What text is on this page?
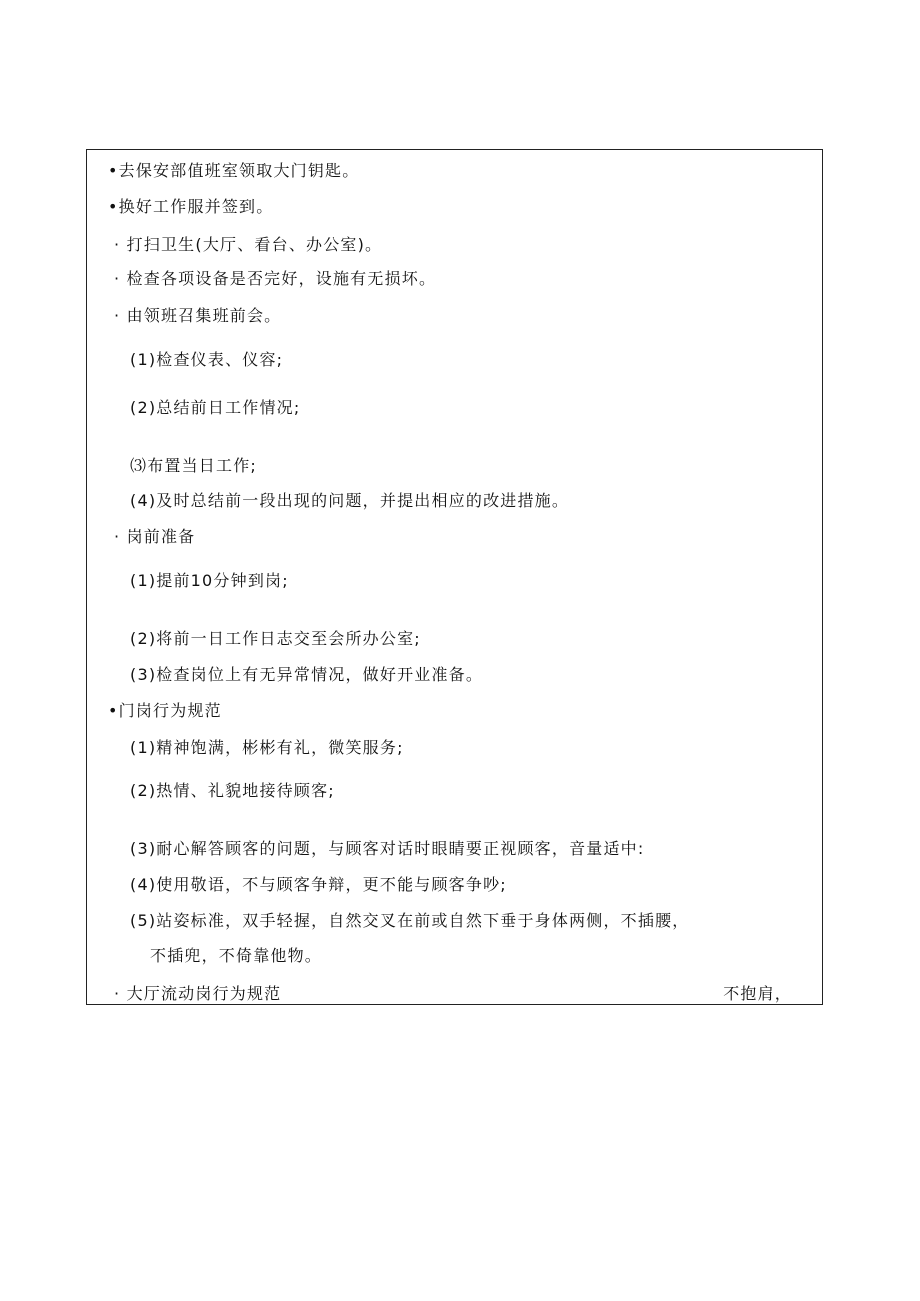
•去保安部值班室领取大门钥匙。
•换好工作服并签到。
· 打扫卫生(大厅、看台、办公室)。
· 检查各项设备是否完好，设施有无损坏。
· 由领班召集班前会。
(1)检查仪表、仪容;
(2)总结前日工作情况;
⑶布置当日工作;
(4)及时总结前一段出现的问题，并提出相应的改进措施。
· 岗前准备
(1)提前10分钟到岗;
(2)将前一日工作日志交至会所办公室;
(3)检查岗位上有无异常情况，做好开业准备。
•门岗行为规范
(1)精神饱满，彬彬有礼，微笑服务;
(2)热情、礼貌地接待顾客;
(3)耐心解答顾客的问题，与顾客对话时眼睛要正视顾客，音量适中:
(4)使用敬语，不与顾客争辩，更不能与顾客争吵;
(5)站姿标准，双手轻握，自然交叉在前或自然下垂于身体两侧，不插腰，
不插兜，不倚靠他物。
· 大厅流动岗行为规范	不抱肩，
